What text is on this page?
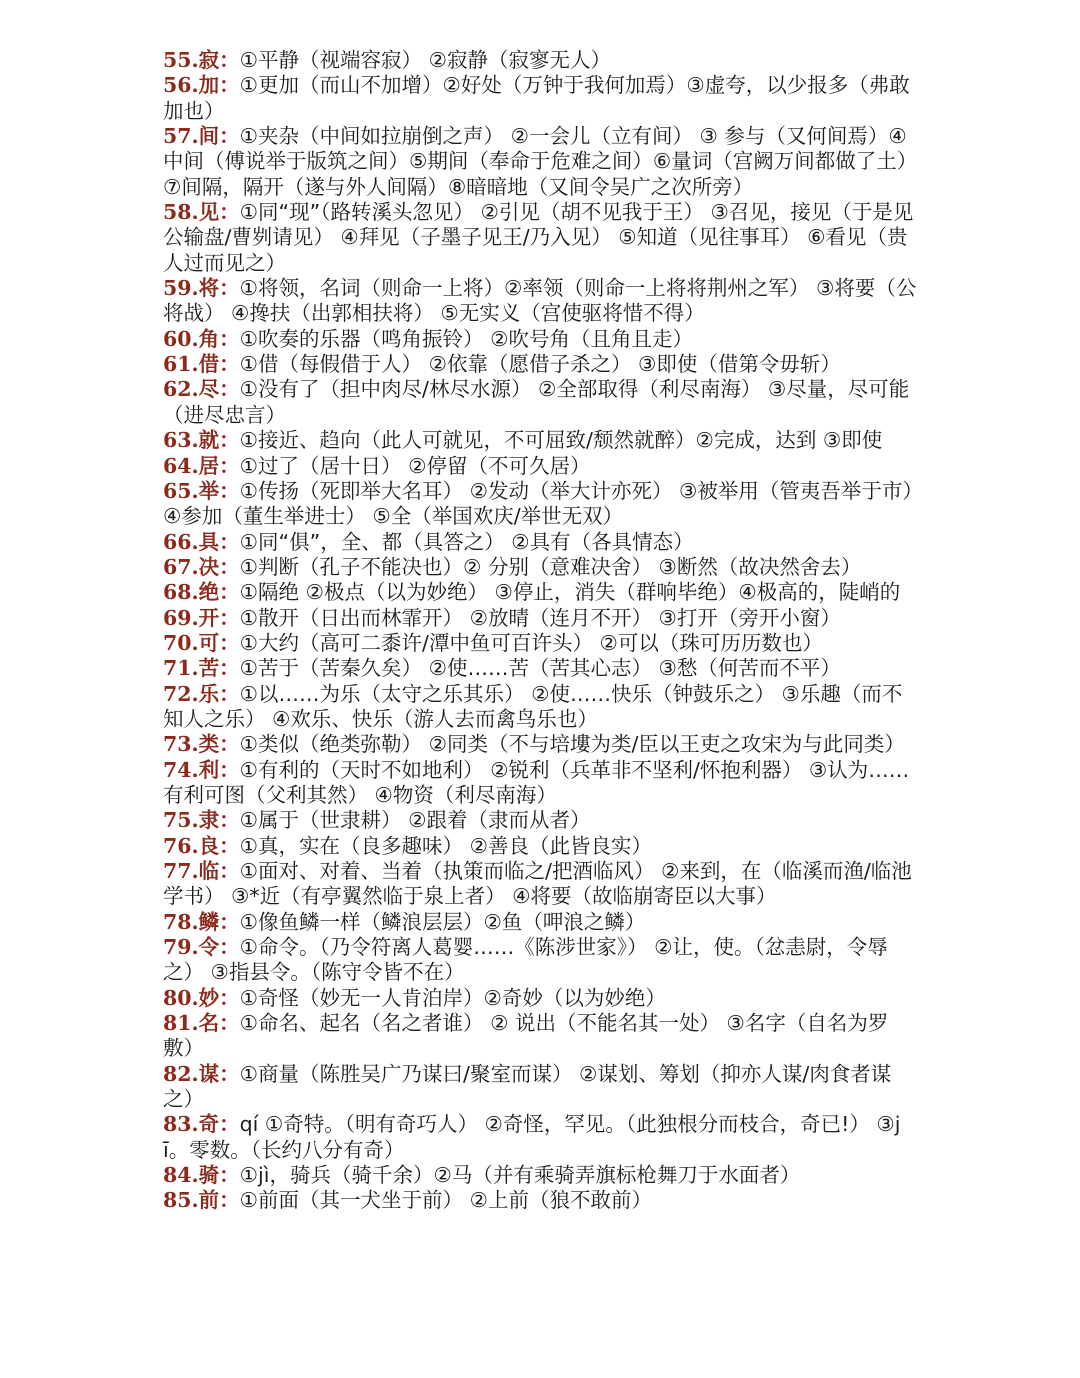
55.寂：①平静（视端容寂） ②寂静（寂寥无人）

56.加：①更加（而山不加增）②好处（万钟于我何加焉）③虚夸，以少报多（弗敢加也）

57.间：①夹杂（中间如拉崩倒之声） ②一会儿（立有间） ③ 参与（又何间焉）④中间（傅说举于版筑之间）⑤期间（奉命于危难之间）⑥量词（宫阙万间都做了土）⑦间隔，隔开（遂与外人间隔）⑧暗暗地（又间令吴广之次所旁）

58.见：①同“现”（路转溪头忽见） ②引见（胡不见我于王） ③召见，接见（于是见公输盘/曹刿请见） ④拜见（子墨子见王/乃入见） ⑤知道（见往事耳） ⑥看见（贵人过而见之）

59.将：①将领，名词（则命一上将）②率领（则命一上将将荆州之军） ③将要（公将战） ④搀扶（出郭相扶将） ⑤无实义（宫使驱将惜不得）

60.角：①吹奏的乐器（鸣角振铃） ②吹号角（且角且走）

61.借：①借（每假借于人） ②依靠（愿借子杀之） ③即使（借第令毋斩）

62.尽：①没有了（担中肉尽/林尽水源） ②全部取得（利尽南海） ③尽量，尽可能（进尽忠言）

63.就：①接近、趋向（此人可就见，不可屈致/颓然就醉）②完成，达到 ③即使

64.居：①过了（居十日） ②停留（不可久居）

65.举：①传扬（死即举大名耳） ②发动（举大计亦死） ③被举用（管夷吾举于市）④参加（董生举进士） ⑤全（举国欢庆/举世无双）

66.具：①同“俱”，全、都（具答之） ②具有（各具情态）

67.决：①判断（孔子不能决也）② 分别（意难决舍） ③断然（故决然舍去）

68.绝：①隔绝 ②极点（以为妙绝） ③停止，消失（群响毕绝）④极高的，陡峭的

69.开：①散开（日出而林霏开） ②放晴（连月不开） ③打开（旁开小窗）

70.可：①大约（高可二黍许/潭中鱼可百许头） ②可以（珠可历历数也）

71.苦：①苦于（苦秦久矣） ②使……苦（苦其心志） ③愁（何苦而不平）

72.乐：①以……为乐（太守之乐其乐） ②使……快乐（钟鼓乐之） ③乐趣（而不知人之乐） ④欢乐、快乐（游人去而禽鸟乐也）

73.类：①类似（绝类弥勒） ②同类（不与培塿为类/臣以王吏之攻宋为与此同类）

74.利：①有利的（天时不如地利） ②锐利（兵革非不坚利/怀抱利器） ③认为……有利可图（父利其然） ④物资（利尽南海）

75.隶：①属于（世隶耕） ②跟着（隶而从者）

76.良：①真，实在（良多趣味） ②善良（此皆良实）

77.临：①面对、对着、当着（执策而临之/把酒临风） ②来到，在（临溪而渔/临池学书） ③*近（有亭翼然临于泉上者） ④将要（故临崩寄臣以大事）

78.鳞：①像鱼鳞一样（鳞浪层层）②鱼（呷浪之鳞）

79.令：①命令。（乃令符离人葛婴……《陈涉世家》） ②让，使。（忿恚尉，令辱之） ③指县令。（陈守令皆不在）

80.妙：①奇怪（妙无一人肯泊岸）②奇妙（以为妙绝）

81.名：①命名、起名（名之者谁） ② 说出（不能名其一处） ③名字（自名为罗敷）

82.谋：①商量（陈胜吴广乃谋曰/聚室而谋） ②谋划、筹划（抑亦人谋/肉食者谋之）

83.奇：qí ①奇特。（明有奇巧人） ②奇怪，罕见。（此独根分而枝合，奇已!） ③jī。零数。（长约八分有奇）

84.骑：①jì，骑兵（骑千余）②马（并有乘骑弄旗标枪舞刀于水面者）

85.前：①前面（其一犬坐于前） ②上前（狼不敢前）
